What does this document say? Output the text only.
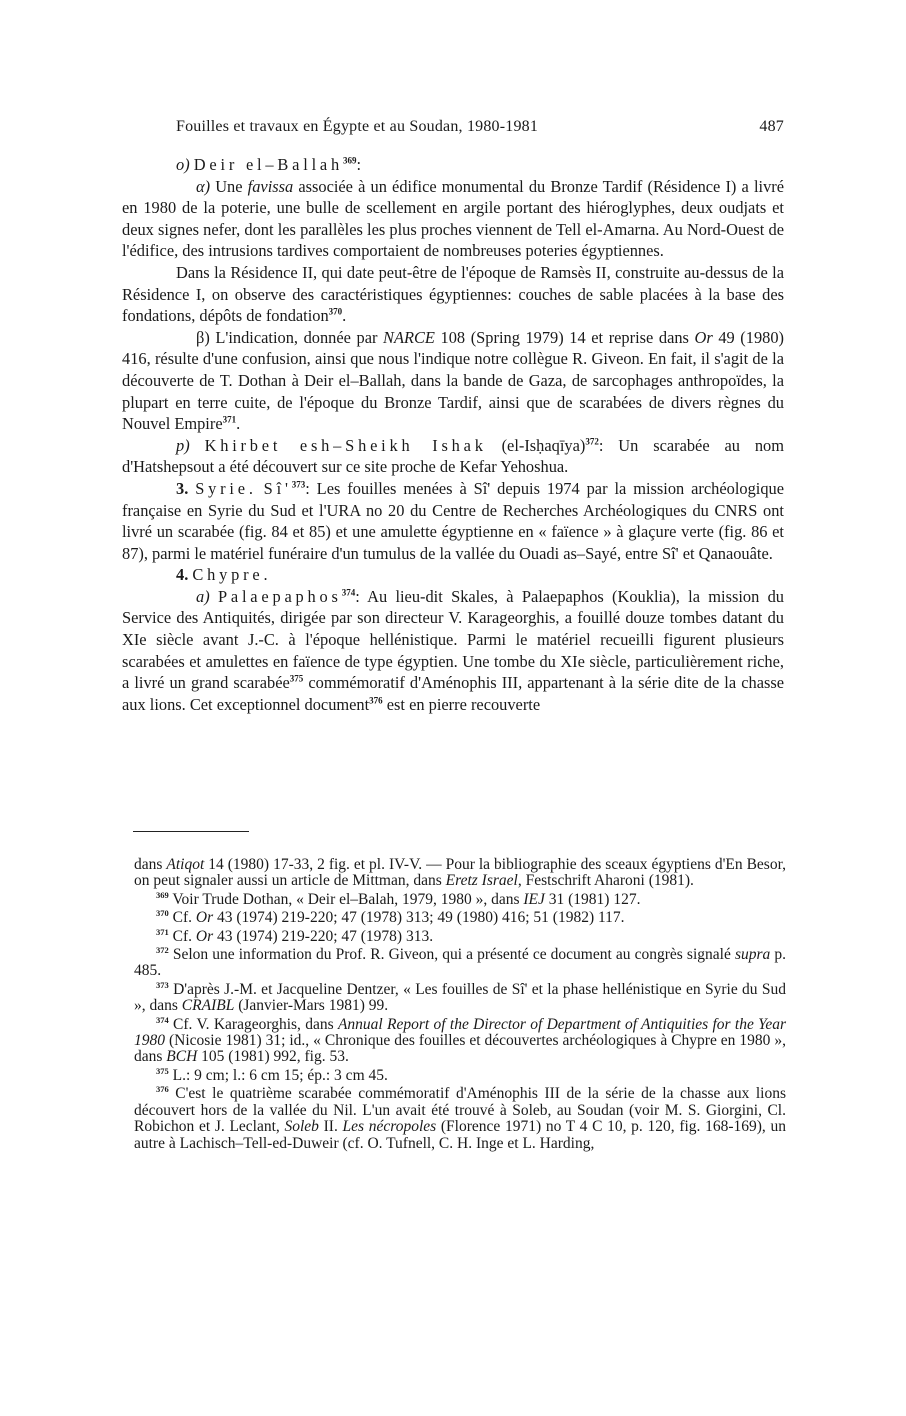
Fouilles et travaux en Égypte et au Soudan, 1980-1981	487

o) Deir el–Ballah$^{369}$:

α) Une favissa associée à un édifice monumental du Bronze Tardif (Résidence I) a livré en 1980 de la poterie, une bulle de scellement en argile portant des hiéroglyphes, deux oudjats et deux signes nefer, dont les parallèles les plus proches viennent de Tell el-Amarna. Au Nord-Ouest de l'édifice, des intrusions tardives comportaient de nombreuses poteries égyptiennes.

Dans la Résidence II, qui date peut-être de l'époque de Ramsès II, construite au-dessus de la Résidence I, on observe des caractéristiques égyptiennes: couches de sable placées à la base des fondations, dépôts de fondation$^{370}$.

β) L'indication, donnée par NARCE 108 (Spring 1979) 14 et reprise dans Or 49 (1980) 416, résulte d'une confusion, ainsi que nous l'indique notre collègue R. Giveon. En fait, il s'agit de la découverte de T. Dothan à Deir el–Ballah, dans la bande de Gaza, de sarcophages anthropoïdes, la plupart en terre cuite, de l'époque du Bronze Tardif, ainsi que de scarabées de divers règnes du Nouvel Empire$^{371}$.

p) Khirbet esh–Sheikh Ishak (el-Isḥaqīya)$^{372}$: Un scarabée au nom d'Hatshepsout a été découvert sur ce site proche de Kefar Yehoshua.

3. Syrie. $Sî'^{373}$: Les fouilles menées à Sî' depuis 1974 par la mission archéologique française en Syrie du Sud et l'URA no 20 du Centre de Recherches Archéologiques du CNRS ont livré un scarabée (fig. 84 et 85) et une amulette égyptienne en « faïence » à glaçure verte (fig. 86 et 87), parmi le matériel funéraire d'un tumulus de la vallée du Ouadi as–Sayé, entre Sî' et Qanaouâte.

4. Chypre.

a) Palaepaphos$^{374}$: Au lieu-dit Skales, à Palaepaphos (Kouklia), la mission du Service des Antiquités, dirigée par son directeur V. Karageorghis, a fouillé douze tombes datant du XIe siècle avant J.-C. à l'époque hellénistique. Parmi le matériel recueilli figurent plusieurs scarabées et amulettes en faïence de type égyptien. Une tombe du XIe siècle, particulièrement riche, a livré un grand scarabée$^{375}$ commémoratif d'Aménophis III, appartenant à la série dite de la chasse aux lions. Cet exceptionnel document$^{376}$ est en pierre recouverte

dans Atiqot 14 (1980) 17-33, 2 fig. et pl. IV-V. — Pour la bibliographie des sceaux égyptiens d'En Besor, on peut signaler aussi un article de Mittman, dans Eretz Israel, Festschrift Aharoni (1981).

$^{369}$ Voir Trude Dothan, « Deir el–Balah, 1979, 1980 », dans IEJ 31 (1981) 127.

$^{370}$ Cf. Or 43 (1974) 219-220; 47 (1978) 313; 49 (1980) 416; 51 (1982) 117.

$^{371}$ Cf. Or 43 (1974) 219-220; 47 (1978) 313.

$^{372}$ Selon une information du Prof. R. Giveon, qui a présenté ce document au congrès signalé supra p. 485.

$^{373}$ D'après J.-M. et Jacqueline Dentzer, « Les fouilles de Sî' et la phase hellénistique en Syrie du Sud », dans CRAIBL (Janvier-Mars 1981) 99.

$^{374}$ Cf. V. Karageorghis, dans Annual Report of the Director of Department of Antiquities for the Year 1980 (Nicosie 1981) 31; id., « Chronique des fouilles et découvertes archéologiques à Chypre en 1980 », dans BCH 105 (1981) 992, fig. 53.

$^{375}$ L.: 9 cm; l.: 6 cm 15; ép.: 3 cm 45.

$^{376}$ C'est le quatrième scarabée commémoratif d'Aménophis III de la série de la chasse aux lions découvert hors de la vallée du Nil. L'un avait été trouvé à Soleb, au Soudan (voir M. S. Giorgini, Cl. Robichon et J. Leclant, Soleb II. Les nécropoles (Florence 1971) no T 4 C 10, p. 120, fig. 168-169), un autre à Lachisch–Tell-ed-Duweir (cf. O. Tufnell, C. H. Inge et L. Harding,
